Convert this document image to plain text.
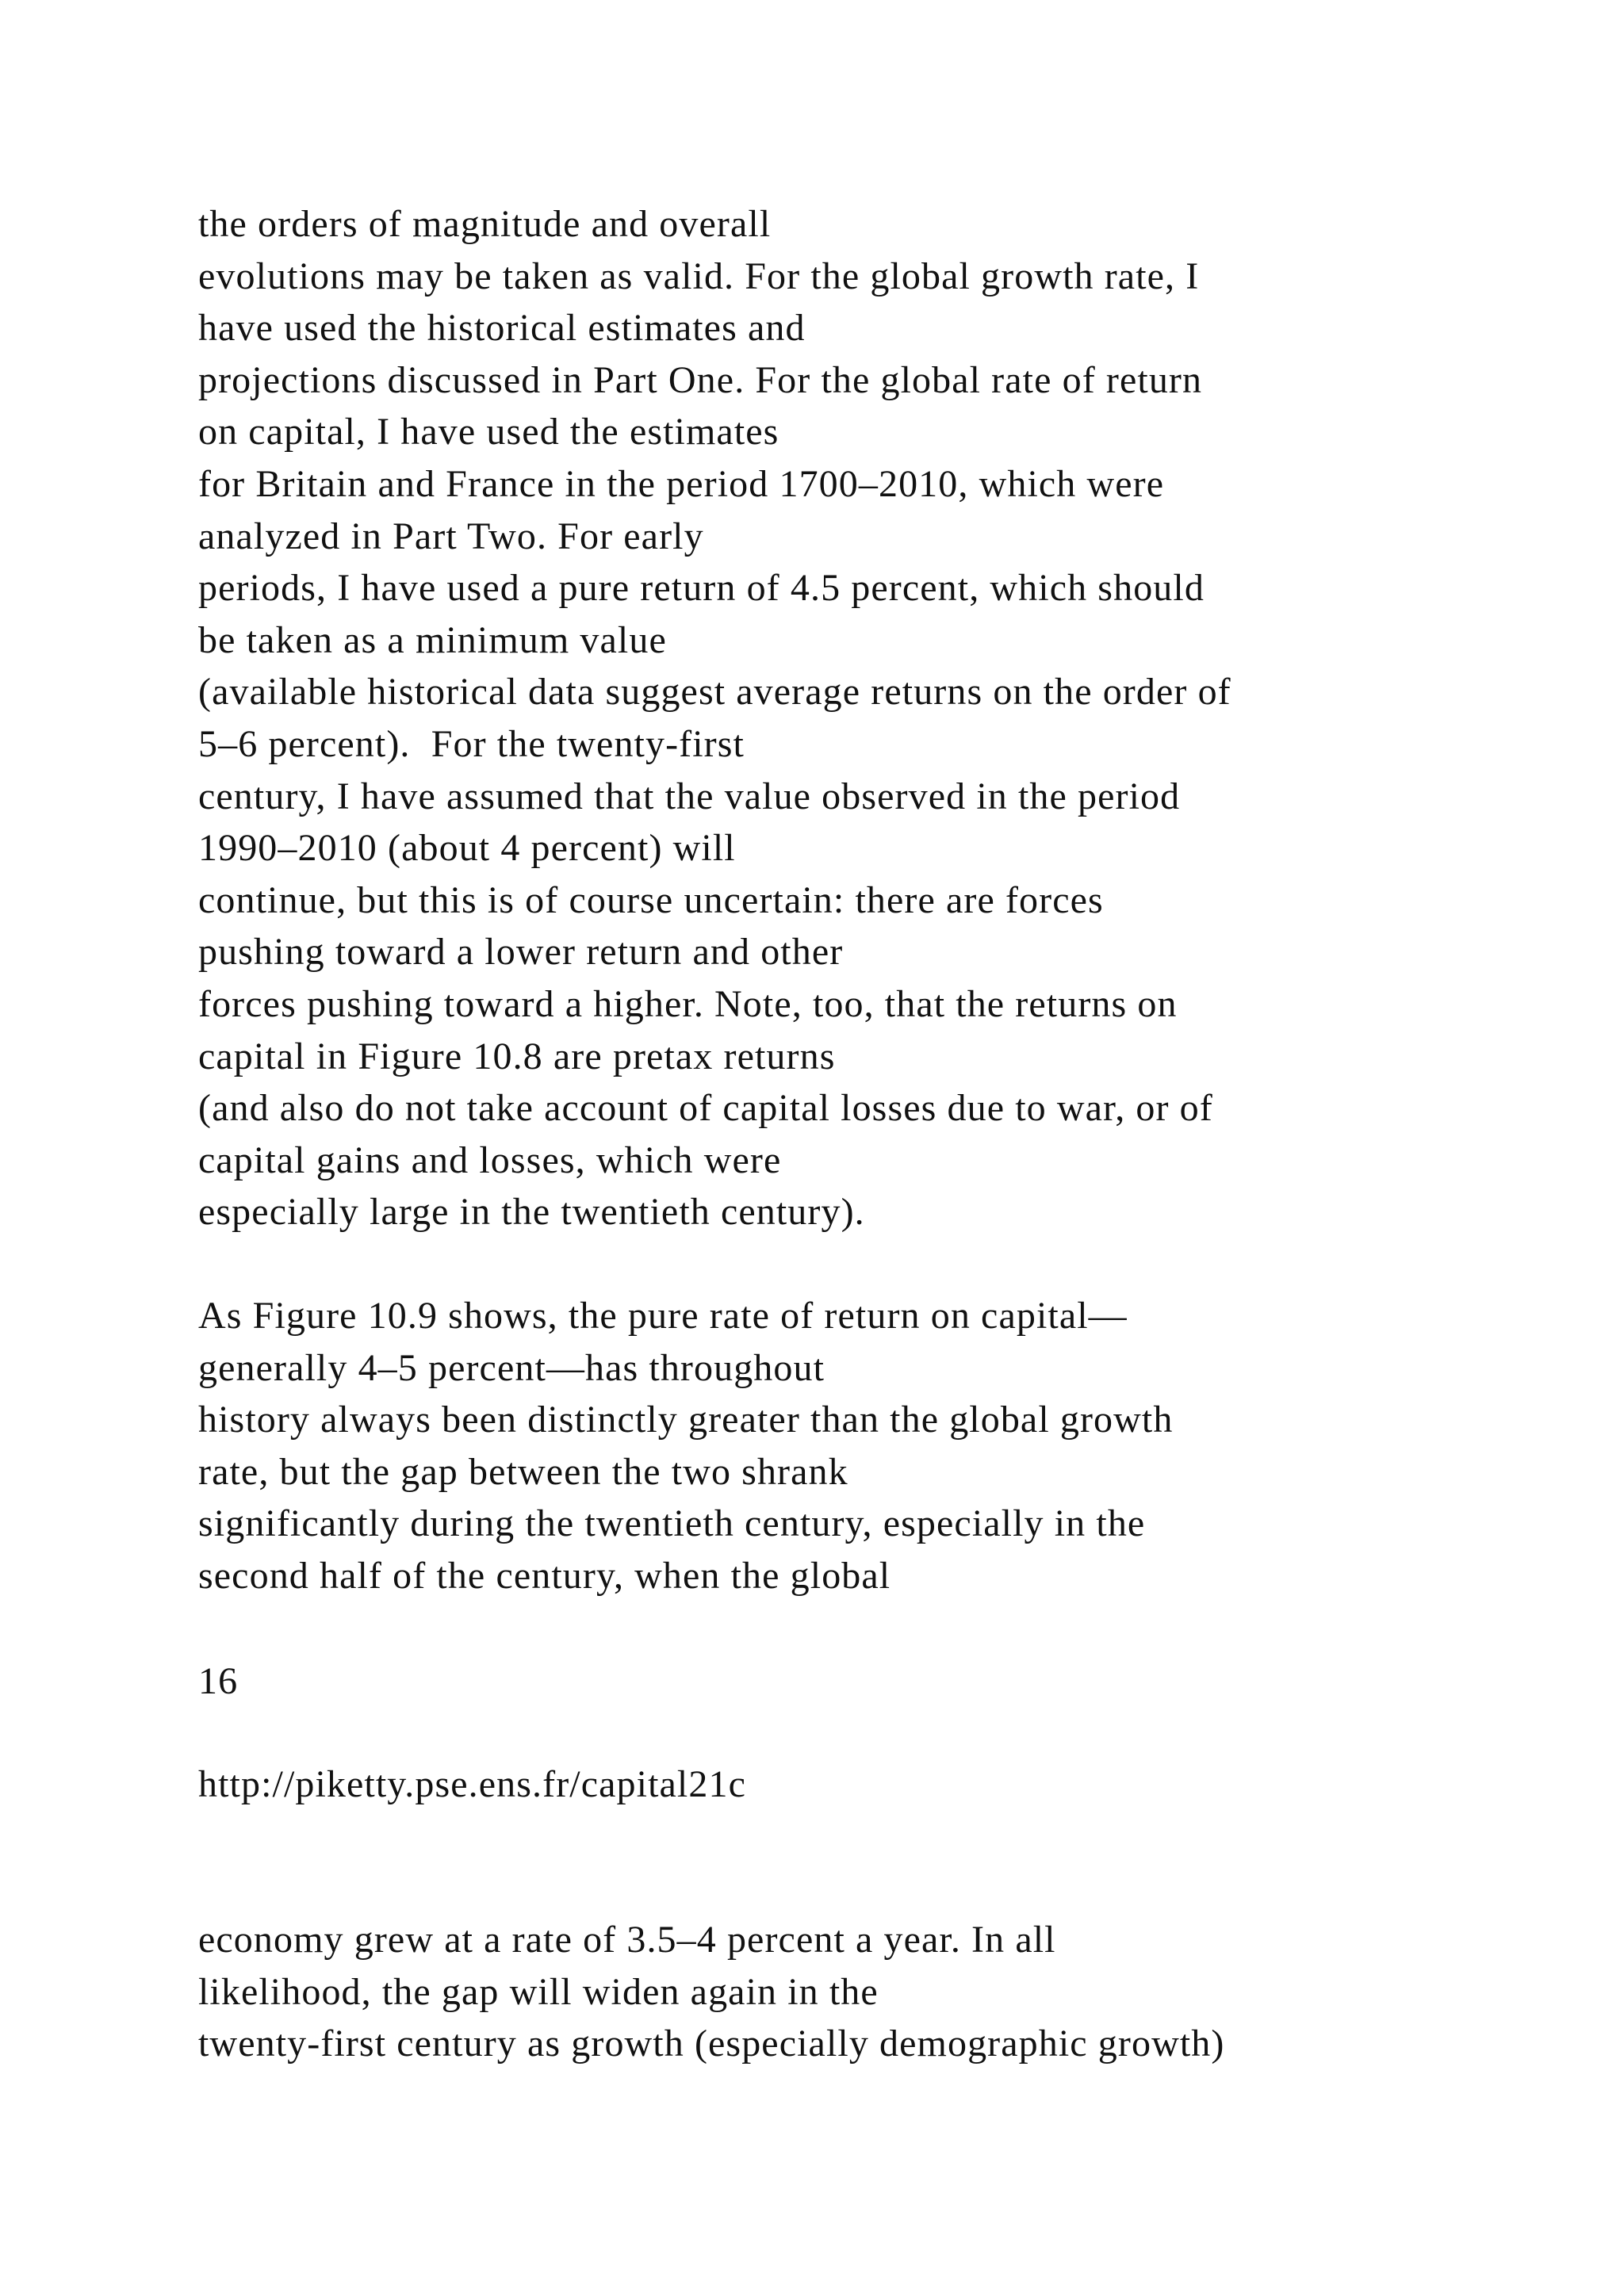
the orders of magnitude and overall
evolutions may be taken as valid. For the global growth rate, I
have used the historical estimates and
projections discussed in Part One. For the global rate of return
on capital, I have used the estimates
for Britain and France in the period 1700–2010, which were
analyzed in Part Two. For early
periods, I have used a pure return of 4.5 percent, which should
be taken as a minimum value
(available historical data suggest average returns on the order of
5–6 percent).  For the twenty-first
century, I have assumed that the value observed in the period
1990–2010 (about 4 percent) will
continue, but this is of course uncertain: there are forces
pushing toward a lower return and other
forces pushing toward a higher. Note, too, that the returns on
capital in Figure 10.8 are pretax returns
(and also do not take account of capital losses due to war, or of
capital gains and losses, which were
especially large in the twentieth century).
As Figure 10.9 shows, the pure rate of return on capital—
generally 4–5 percent—has throughout
history always been distinctly greater than the global growth
rate, but the gap between the two shrank
significantly during the twentieth century, especially in the
second half of the century, when the global
16
http://piketty.pse.ens.fr/capital21c
economy grew at a rate of 3.5–4 percent a year. In all
likelihood, the gap will widen again in the
twenty-first century as growth (especially demographic growth)
